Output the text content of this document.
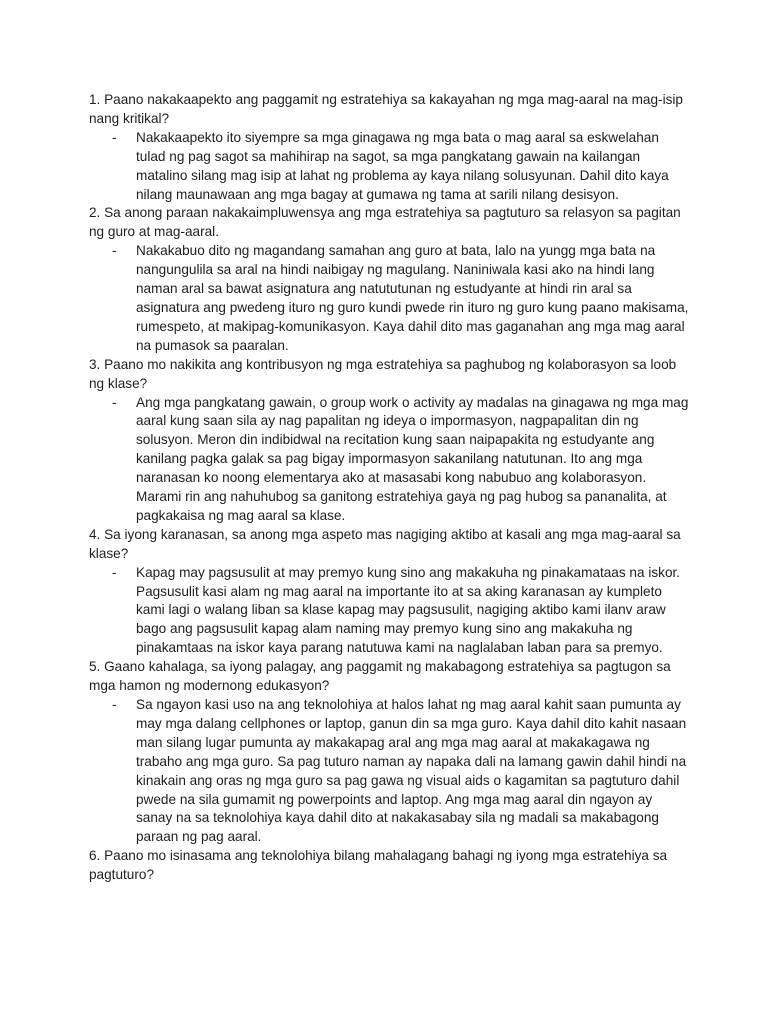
1. Paano nakakaapekto ang paggamit ng estratehiya sa kakayahan ng mga mag-aaral na mag-isip nang kritikal?

- Nakakaapekto ito siyempre sa mga ginagawa ng mga bata o mag aaral sa eskwelahan tulad ng pag sagot sa mahihirap na sagot, sa mga pangkatang gawain na kailangan matalino silang mag isip at lahat ng problema ay kaya nilang solusyunan. Dahil dito kaya nilang maunawaan ang mga bagay at gumawa ng tama at sarili nilang desisyon.

2. Sa anong paraan nakakaimpluwensya ang mga estratehiya sa pagtuturo sa relasyon sa pagitan ng guro at mag-aaral.

- Nakakabuo dito ng magandang samahan ang guro at bata, lalo na yungg mga bata na nangungulila sa aral na hindi naibigay ng magulang. Naniniwala kasi ako na hindi lang naman aral sa bawat asignatura ang natututunan ng estudyante at hindi rin aral sa asignatura ang pwedeng ituro ng guro kundi pwede rin ituro ng guro kung paano makisama, rumespeto, at makipag-komunikasyon. Kaya dahil dito mas gaganahan ang mga mag aaral na pumasok sa paaralan.

3. Paano mo nakikita ang kontribusyon ng mga estratehiya sa paghubog ng kolaborasyon sa loob ng klase?

- Ang mga pangkatang gawain, o group work o activity ay madalas na ginagawa ng mga mag aaral kung saan sila ay nag papalitan ng ideya o impormasyon, nagpapalitan din ng solusyon. Meron din indibidwal na recitation kung saan naipapakita ng estudyante ang kanilang pagka galak sa pag bigay impormasyon sakanilang natutunan. Ito ang mga naranasan ko noong elementarya ako at masasabi kong nabubuo ang kolaborasyon. Marami rin ang nahuhubog sa ganitong estratehiya gaya ng pag hubog sa pananalita, at pagkakaisa ng mag aaral sa klase.

4. Sa iyong karanasan, sa anong mga aspeto mas nagiging aktibo at kasali ang mga mag-aaral sa klase?

- Kapag may pagsusulit at may premyo kung sino ang makakuha ng pinakamataas na iskor. Pagsusulit kasi alam ng mag aaral na importante ito at sa aking karanasan ay kumpleto kami lagi o walang liban sa klase kapag may pagsusulit, nagiging aktibo kami ilanv araw bago ang pagsusulit kapag alam naming may premyo kung sino ang makakuha ng pinakamtaas na iskor kaya parang natutuwa kami na naglalaban laban para sa premyo.

5. Gaano kahalaga, sa iyong palagay, ang paggamit ng makabagong estratehiya sa pagtugon sa mga hamon ng modernong edukasyon?

- Sa ngayon kasi uso na ang teknolohiya at halos lahat ng mag aaral kahit saan pumunta ay may mga dalang cellphones or laptop, ganun din sa mga guro. Kaya dahil dito kahit nasaan man silang lugar pumunta ay makakapag aral ang mga mag aaral at makakagawa ng trabaho ang mga guro. Sa pag tuturo naman ay napaka dali na lamang gawin dahil hindi na kinakain ang oras ng mga guro sa pag gawa ng visual aids o kagamitan sa pagtuturo dahil pwede na sila gumamit ng powerpoints and laptop. Ang mga mag aaral din ngayon ay sanay na sa teknolohiya kaya dahil dito at nakakasabay sila ng madali sa makabagong paraan ng pag aaral.

6. Paano mo isinasama ang teknolohiya bilang mahalagang bahagi ng iyong mga estratehiya sa pagtuturo?
